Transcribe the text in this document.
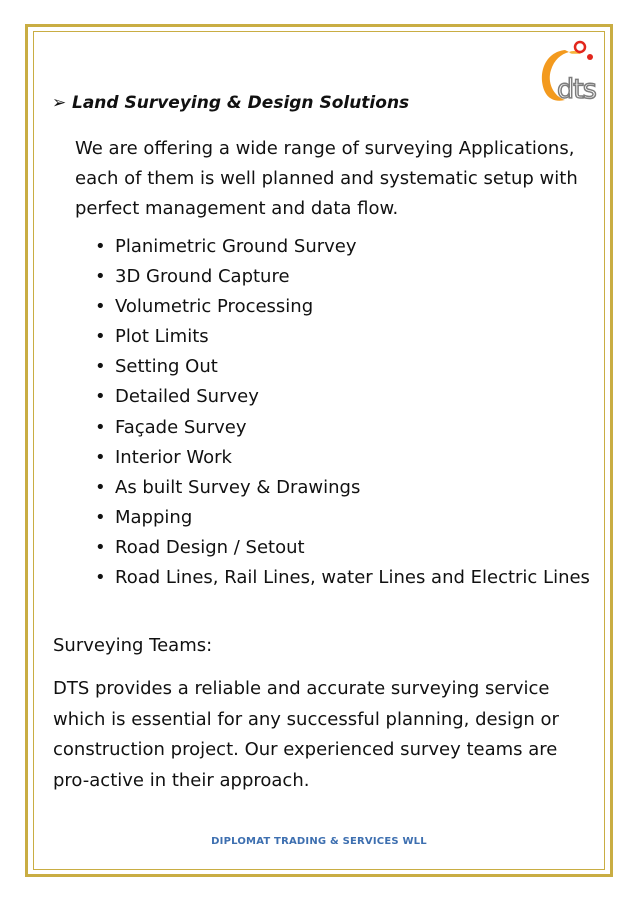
dts
➢ Land Surveying & Design Solutions
We are offering a wide range of surveying Applications, each of them is well planned and systematic setup with perfect management and data flow.
• Planimetric Ground Survey
• 3D Ground Capture
• Volumetric Processing
• Plot Limits
• Setting Out
• Detailed Survey
• Façade Survey
• Interior Work
• As built Survey & Drawings
• Mapping
• Road Design / Setout
• Road Lines, Rail Lines, water Lines and Electric Lines
Surveying Teams:
DTS provides a reliable and accurate surveying service which is essential for any successful planning, design or construction project. Our experienced survey teams are pro-active in their approach.
DIPLOMAT TRADING & SERVICES WLL
